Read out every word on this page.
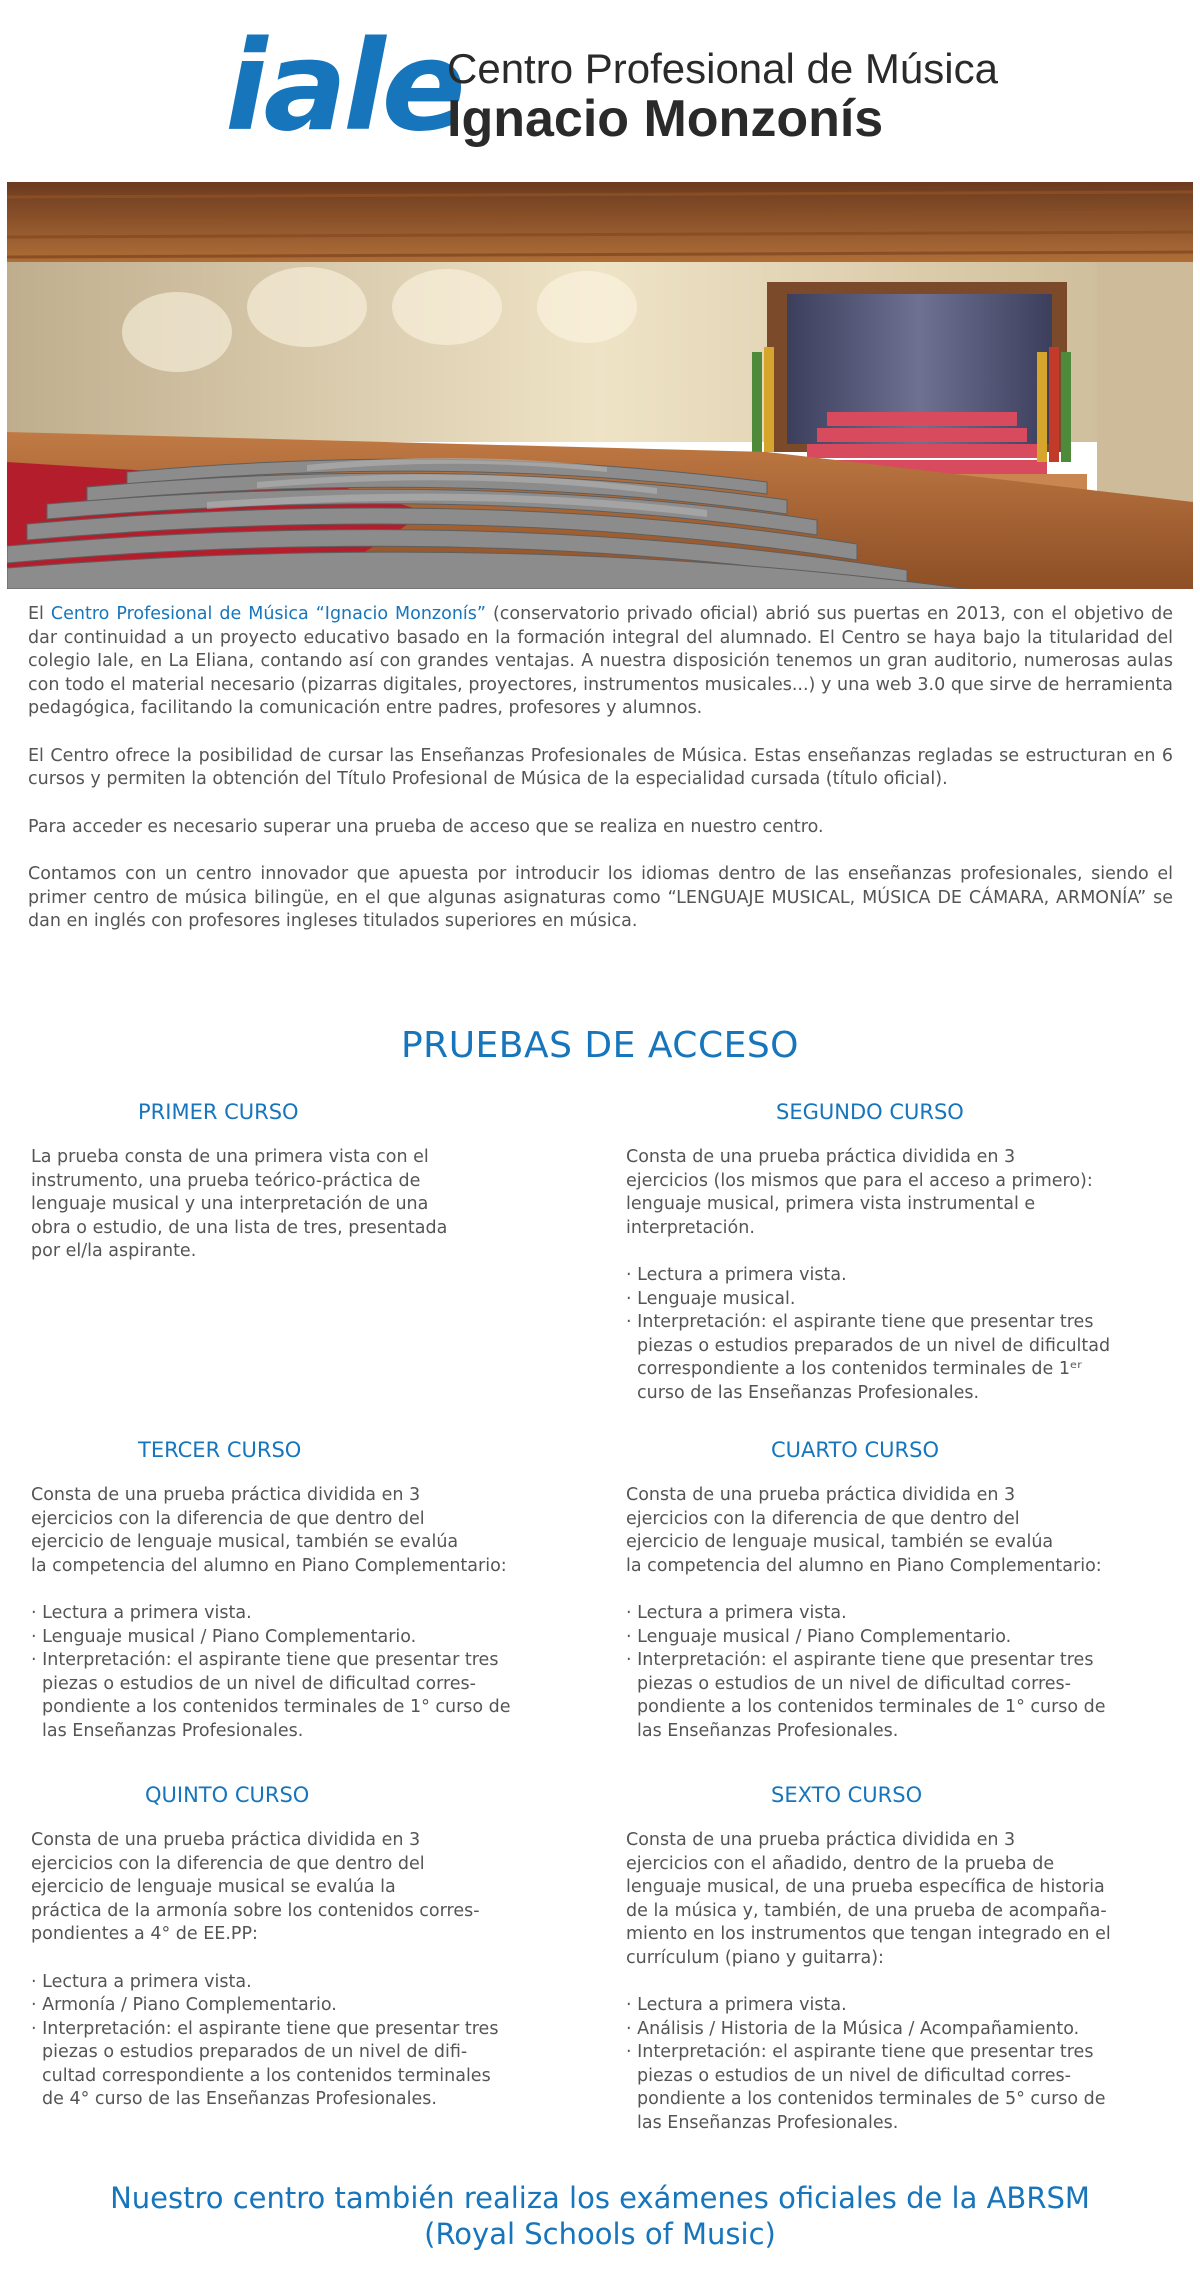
iale
Centro Profesional de Música
Ignacio Monzonís

El Centro Profesional de Música “Ignacio Monzonís” (conservatorio privado oficial) abrió sus puertas en 2013, con el objetivo de dar continuidad a un proyecto educativo basado en la formación integral del alumnado. El Centro se haya bajo la titularidad del colegio Iale, en La Eliana, contando así con grandes ventajas. A nuestra disposición tenemos un gran auditorio, numerosas aulas con todo el material necesario (pizarras digitales, proyectores, instrumentos musicales...) y una web 3.0 que sirve de herramienta pedagógica, facilitando la comunicación entre padres, profesores y alumnos.

El Centro ofrece la posibilidad de cursar las Enseñanzas Profesionales de Música. Estas enseñanzas regladas se estructuran en 6 cursos y permiten la obtención del Título Profesional de Música de la especialidad cursada (título oficial).

Para acceder es necesario superar una prueba de acceso que se realiza en nuestro centro.

Contamos con un centro innovador que apuesta por introducir los idiomas dentro de las enseñanzas profesionales, siendo el primer centro de música bilingüe, en el que algunas asignaturas como “LENGUAJE MUSICAL, MÚSICA DE CÁMARA, ARMONÍA” se dan en inglés con profesores ingleses titulados superiores en música.

PRUEBAS DE ACCESO
PRIMER CURSO

La prueba consta de una primera vista con el
instrumento, una prueba teórico-práctica de
lenguaje musical y una interpretación de una
obra o estudio, de una lista de tres, presentada
por el/la aspirante.

SEGUNDO CURSO

Consta de una prueba práctica dividida en 3
ejercicios (los mismos que para el acceso a primero):
lenguaje musical, primera vista instrumental e
interpretación.

· Lectura a primera vista.
· Lenguaje musical.
· Interpretación: el aspirante tiene que presentar tres
piezas o estudios preparados de un nivel de dificultad
correspondiente a los contenidos terminales de 1ᵉʳ
curso de las Enseñanzas Profesionales.
TERCER CURSO

Consta de una prueba práctica dividida en 3
ejercicios con la diferencia de que dentro del
ejercicio de lenguaje musical, también se evalúa
la competencia del alumno en Piano Complementario:

· Lectura a primera vista.
· Lenguaje musical / Piano Complementario.
· Interpretación: el aspirante tiene que presentar tres
piezas o estudios de un nivel de dificultad corres-
pondiente a los contenidos terminales de 1° curso de
las Enseñanzas Profesionales.
CUARTO CURSO

Consta de una prueba práctica dividida en 3
ejercicios con la diferencia de que dentro del
ejercicio de lenguaje musical, también se evalúa
la competencia del alumno en Piano Complementario:

· Lectura a primera vista.
· Lenguaje musical / Piano Complementario.
· Interpretación: el aspirante tiene que presentar tres
piezas o estudios de un nivel de dificultad corres-
pondiente a los contenidos terminales de 1° curso de
las Enseñanzas Profesionales.
QUINTO CURSO

Consta de una prueba práctica dividida en 3
ejercicios con la diferencia de que dentro del
ejercicio de lenguaje musical se evalúa la
práctica de la armonía sobre los contenidos corres-
pondientes a 4° de EE.PP:

· Lectura a primera vista.
· Armonía / Piano Complementario.
· Interpretación: el aspirante tiene que presentar tres
piezas o estudios preparados de un nivel de difi-
cultad correspondiente a los contenidos terminales
de 4° curso de las Enseñanzas Profesionales.
SEXTO CURSO

Consta de una prueba práctica dividida en 3
ejercicios con el añadido, dentro de la prueba de
lenguaje musical, de una prueba específica de historia
de la música y, también, de una prueba de acompaña-
miento en los instrumentos que tengan integrado en el
currículum (piano y guitarra):

· Lectura a primera vista.
· Análisis / Historia de la Música / Acompañamiento.
· Interpretación: el aspirante tiene que presentar tres
piezas o estudios de un nivel de dificultad corres-
pondiente a los contenidos terminales de 5° curso de
las Enseñanzas Profesionales.
Nuestro centro también realiza los exámenes oficiales de la ABRSM
(Royal Schools of Music)
